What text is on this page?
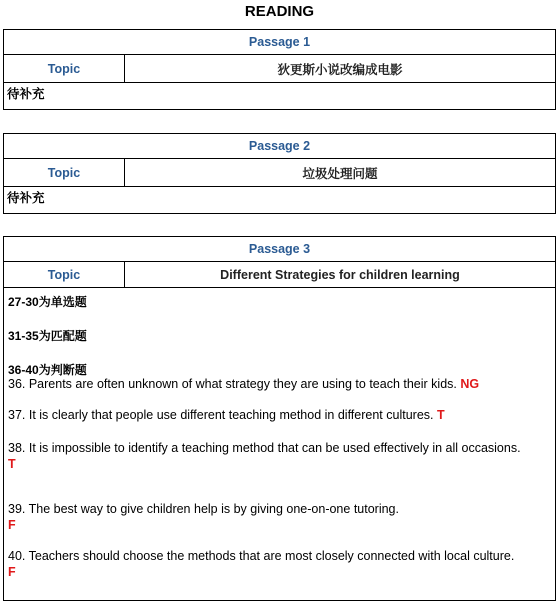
READING
Passage 1
Topic	狄更斯小说改编成电影
待补充
Passage 2
Topic	垃圾处理问题
待补充
Passage 3
Topic	Different Strategies for children learning
27-30为单选题
31-35为匹配题
36-40为判断题
36. Parents are often unknown of what strategy they are using to teach their kids. NG
37. It is clearly that people use different teaching method in different cultures. T
38. It is impossible to identify a teaching method that can be used effectively in all occasions.
T
39. The best way to give children help is by giving one-on-one tutoring.
F
40. Teachers should choose the methods that are most closely connected with local culture.
F
